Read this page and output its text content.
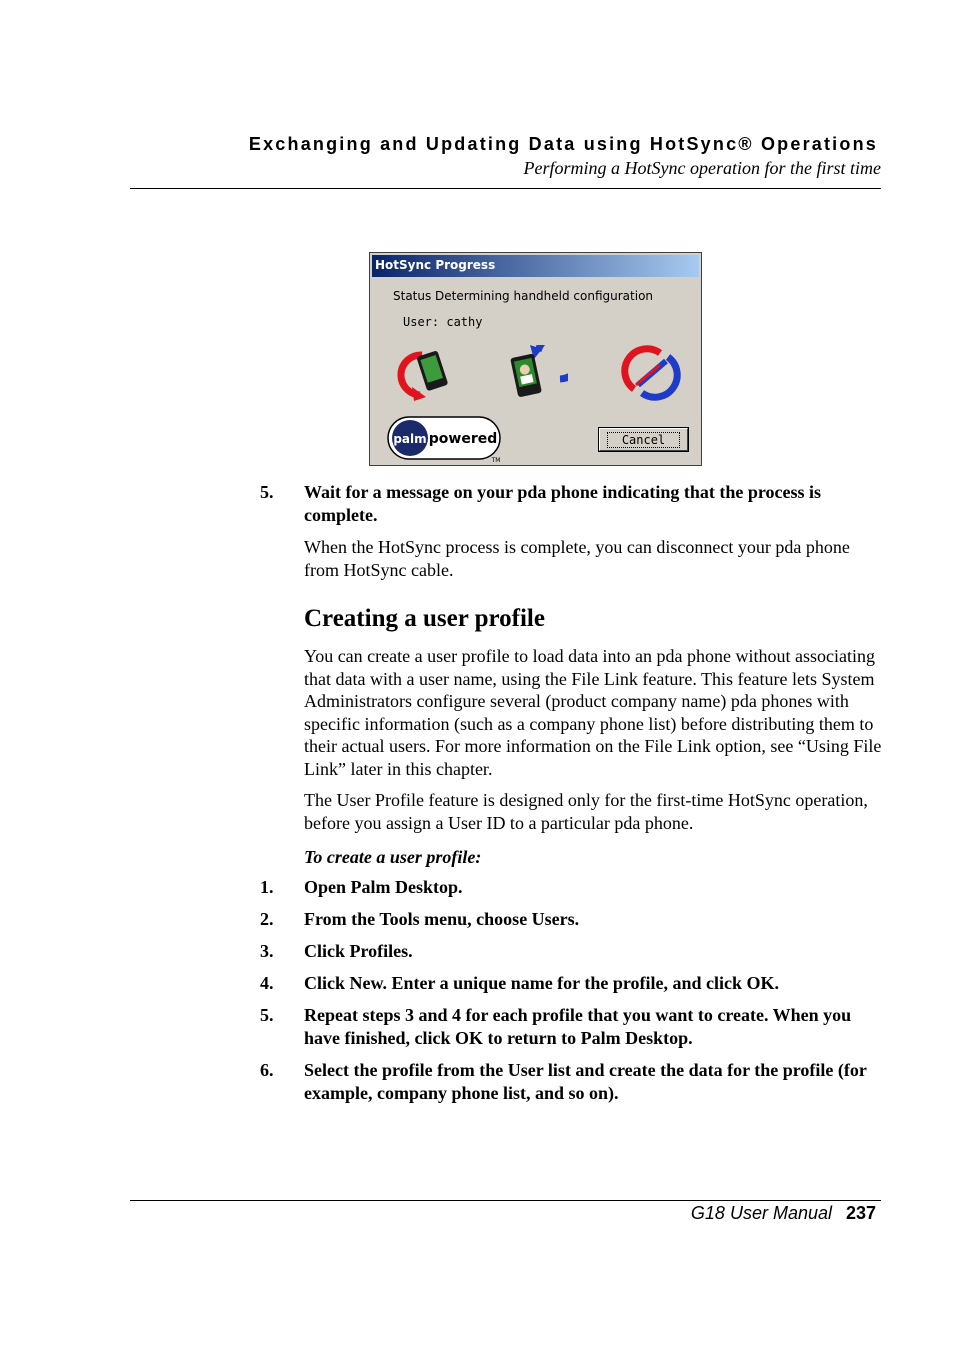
Exchanging and Updating Data using HotSync® Operations
Performing a HotSync operation for the first time
HotSync Progress
Status Determining handheld configuration
User: cathy
palm powered
TM
Cancel
5. Wait for a message on your pda phone indicating that the process is complete.
When the HotSync process is complete, you can disconnect your pda phone from HotSync cable.
Creating a user profile
You can create a user profile to load data into an pda phone without associating that data with a user name, using the File Link feature. This feature lets System Administrators configure several (product company name) pda phones with specific information (such as a company phone list) before distributing them to their actual users. For more information on the File Link option, see “Using File Link” later in this chapter.
The User Profile feature is designed only for the first-time HotSync operation, before you assign a User ID to a particular pda phone.
To create a user profile:
1. Open Palm Desktop.
2. From the Tools menu, choose Users.
3. Click Profiles.
4. Click New. Enter a unique name for the profile, and click OK.
5. Repeat steps 3 and 4 for each profile that you want to create. When you have finished, click OK to return to Palm Desktop.
6. Select the profile from the User list and create the data for the profile (for example, company phone list, and so on).
G18 User Manual 237
